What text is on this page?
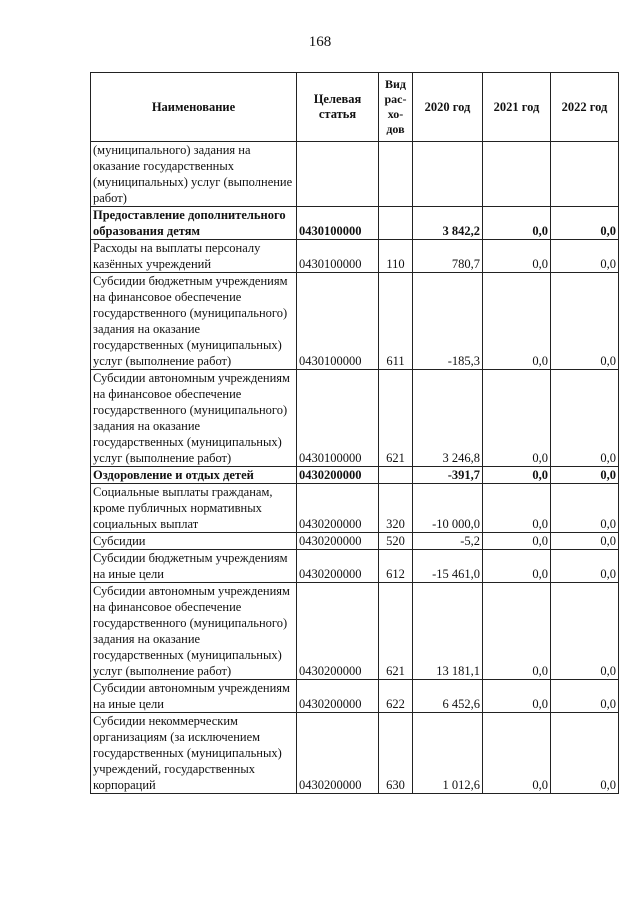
168
Наименование	Целевая статья	Вид рас-хо-дов	2020 год	2021 год	2022 год
(муниципального) задания на оказание государственных (муниципальных) услуг (выполнение работ)					
Предоставление дополнительного образования детям	0430100000		3 842,2	0,0	0,0
Расходы на выплаты персоналу казённых учреждений	0430100000	110	780,7	0,0	0,0
Субсидии бюджетным учреждениям на финансовое обеспечение государственного (муниципального) задания на оказание государственных (муниципальных) услуг (выполнение работ)	0430100000	611	-185,3	0,0	0,0
Субсидии автономным учреждениям на финансовое обеспечение государственного (муниципального) задания на оказание государственных (муниципальных) услуг (выполнение работ)	0430100000	621	3 246,8	0,0	0,0
Оздоровление и отдых детей	0430200000		-391,7	0,0	0,0
Социальные выплаты гражданам, кроме публичных нормативных социальных выплат	0430200000	320	-10 000,0	0,0	0,0
Субсидии	0430200000	520	-5,2	0,0	0,0
Субсидии бюджетным учреждениям на иные цели	0430200000	612	-15 461,0	0,0	0,0
Субсидии автономным учреждениям на финансовое обеспечение государственного (муниципального) задания на оказание государственных (муниципальных) услуг (выполнение работ)	0430200000	621	13 181,1	0,0	0,0
Субсидии автономным учреждениям на иные цели	0430200000	622	6 452,6	0,0	0,0
Субсидии некоммерческим организациям (за исключением государственных (муниципальных) учреждений, государственных корпораций	0430200000	630	1 012,6	0,0	0,0
